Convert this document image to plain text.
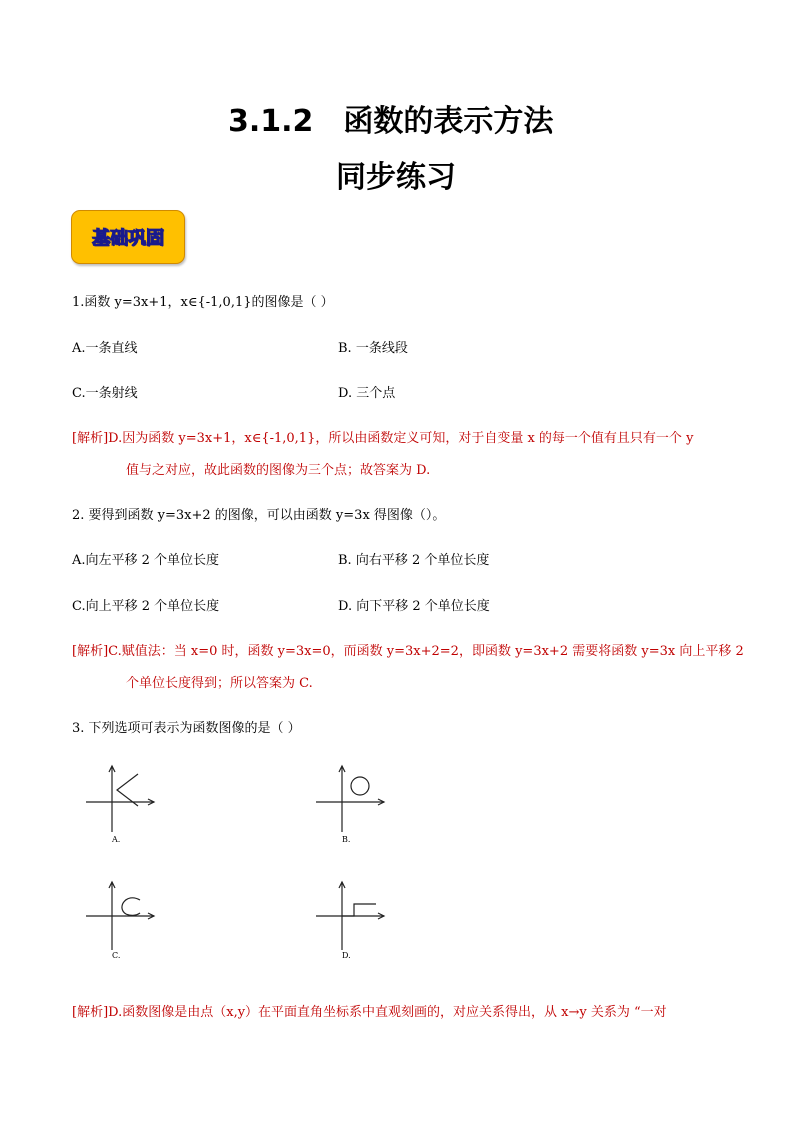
3.1.2　函数的表示方法
同步练习
基础巩固
1.函数 y=3x+1，x∈{-1,0,1}的图像是（ ）
A.一条直线	B. 一条线段
C.一条射线	D. 三个点
[解析]D.因为函数 y=3x+1，x∈{-1,0,1}，所以由函数定义可知，对于自变量 x 的每一个值有且只有一个 y
值与之对应，故此函数的图像为三个点；故答案为 D.
2. 要得到函数 y=3x+2 的图像，可以由函数 y=3x 得图像（）。
A.向左平移 2 个单位长度	B. 向右平移 2 个单位长度
C.向上平移 2 个单位长度	D. 向下平移 2 个单位长度
[解析]C.赋值法：当 x=0 时，函数 y=3x=0，而函数 y=3x+2=2，即函数 y=3x+2 需要将函数 y=3x 向上平移 2
个单位长度得到；所以答案为 C.
3. 下列选项可表示为函数图像的是（ ）
A.	B.
C.	D.
[解析]D.函数图像是由点（x,y）在平面直角坐标系中直观刻画的，对应关系得出，从 x→y 关系为 “一对
